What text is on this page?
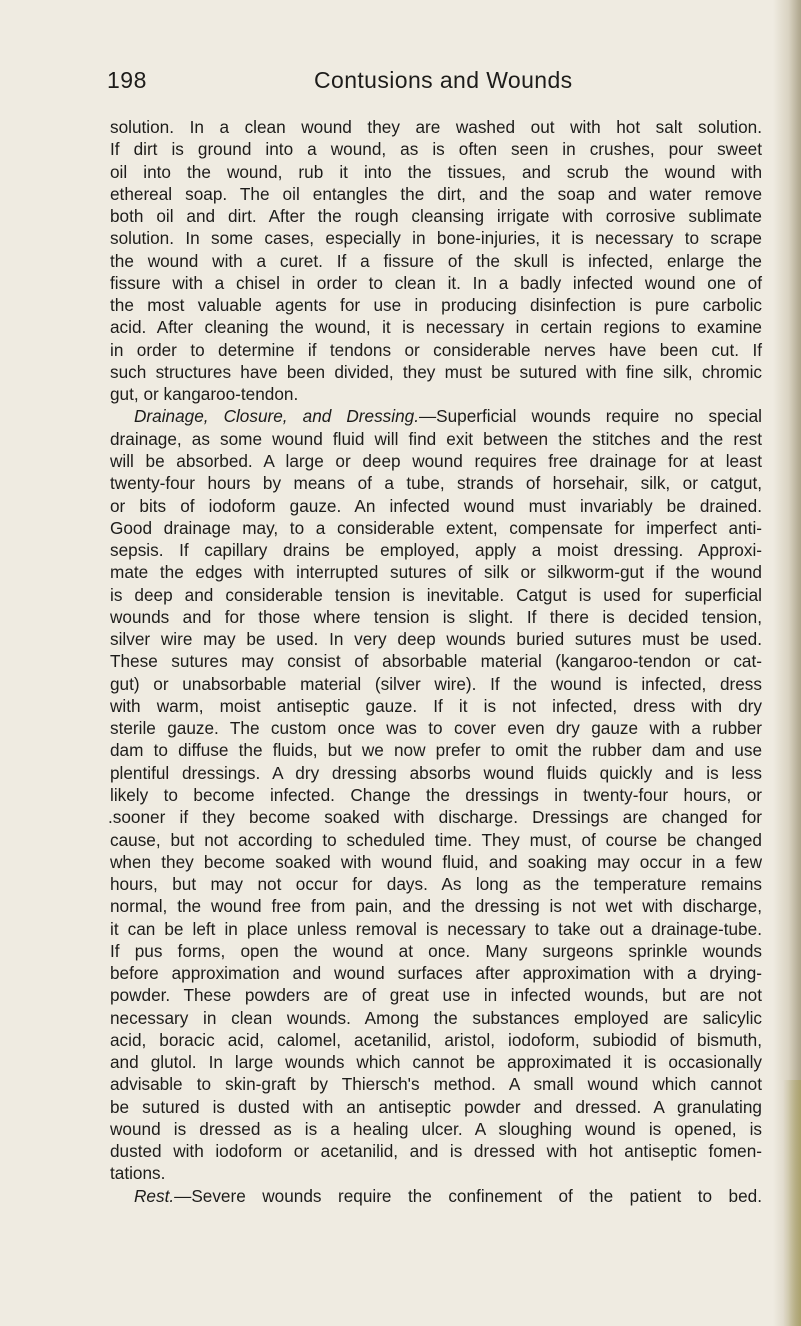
198	Contusions and Wounds
solution. In a clean wound they are washed out with hot salt solution.
If dirt is ground into a wound, as is often seen in crushes, pour sweet
oil into the wound, rub it into the tissues, and scrub the wound with
ethereal soap. The oil entangles the dirt, and the soap and water remove
both oil and dirt. After the rough cleansing irrigate with corrosive sublimate
solution. In some cases, especially in bone-injuries, it is necessary to scrape
the wound with a curet. If a fissure of the skull is infected, enlarge the
fissure with a chisel in order to clean it. In a badly infected wound one of
the most valuable agents for use in producing disinfection is pure carbolic
acid. After cleaning the wound, it is necessary in certain regions to examine
in order to determine if tendons or considerable nerves have been cut. If
such structures have been divided, they must be sutured with fine silk, chromic
gut, or kangaroo-tendon.
Drainage, Closure, and Dressing.—Superficial wounds require no special
drainage, as some wound fluid will find exit between the stitches and the rest
will be absorbed. A large or deep wound requires free drainage for at least
twenty-four hours by means of a tube, strands of horsehair, silk, or catgut,
or bits of iodoform gauze. An infected wound must invariably be drained.
Good drainage may, to a considerable extent, compensate for imperfect anti-
sepsis. If capillary drains be employed, apply a moist dressing. Approxi-
mate the edges with interrupted sutures of silk or silkworm-gut if the wound
is deep and considerable tension is inevitable. Catgut is used for superficial
wounds and for those where tension is slight. If there is decided tension,
silver wire may be used. In very deep wounds buried sutures must be used.
These sutures may consist of absorbable material (kangaroo-tendon or cat-
gut) or unabsorbable material (silver wire). If the wound is infected, dress
with warm, moist antiseptic gauze. If it is not infected, dress with dry
sterile gauze. The custom once was to cover even dry gauze with a rubber
dam to diffuse the fluids, but we now prefer to omit the rubber dam and use
plentiful dressings. A dry dressing absorbs wound fluids quickly and is less
likely to become infected. Change the dressings in twenty-four hours, or
.sooner if they become soaked with discharge. Dressings are changed for
cause, but not according to scheduled time. They must, of course be changed
when they become soaked with wound fluid, and soaking may occur in a few
hours, but may not occur for days. As long as the temperature remains
normal, the wound free from pain, and the dressing is not wet with discharge,
it can be left in place unless removal is necessary to take out a drainage-tube.
If pus forms, open the wound at once. Many surgeons sprinkle wounds
before approximation and wound surfaces after approximation with a drying-
powder. These powders are of great use in infected wounds, but are not
necessary in clean wounds. Among the substances employed are salicylic
acid, boracic acid, calomel, acetanilid, aristol, iodoform, subiodid of bismuth,
and glutol. In large wounds which cannot be approximated it is occasionally
advisable to skin-graft by Thiersch's method. A small wound which cannot
be sutured is dusted with an antiseptic powder and dressed. A granulating
wound is dressed as is a healing ulcer. A sloughing wound is opened, is
dusted with iodoform or acetanilid, and is dressed with hot antiseptic fomen-
tations.
Rest.—Severe wounds require the confinement of the patient to bed.
